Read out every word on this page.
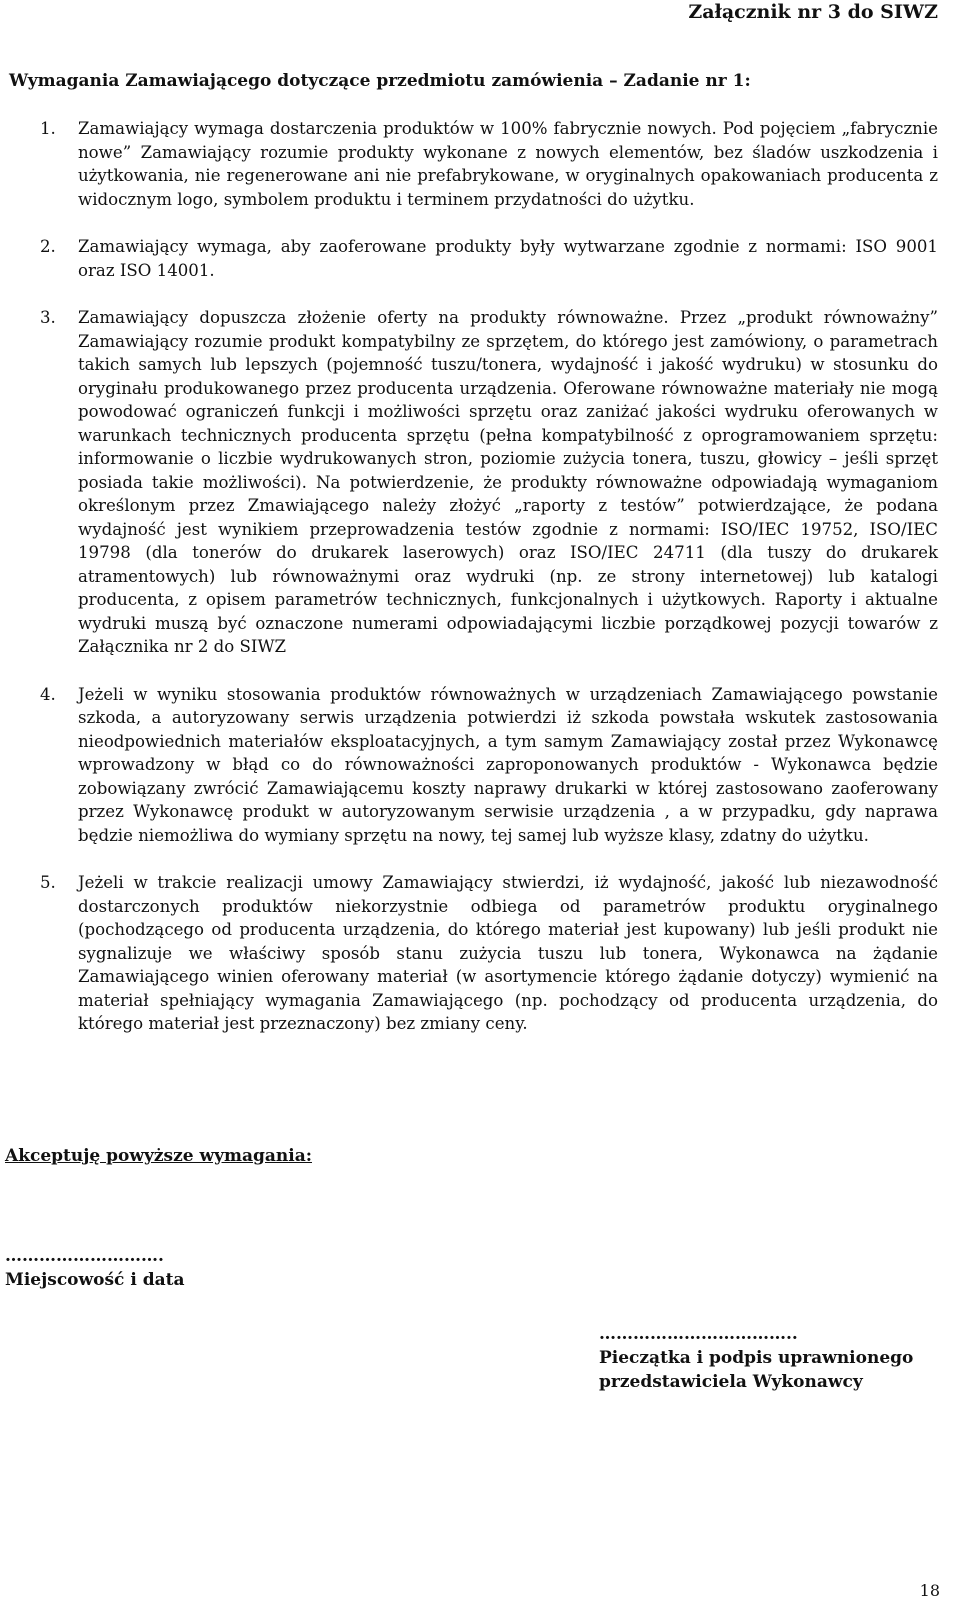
Załącznik nr 3 do SIWZ

Wymagania Zamawiającego dotyczące przedmiotu zamówienia – Zadanie nr 1:

1. Zamawiający wymaga dostarczenia produktów w 100% fabrycznie nowych. Pod pojęciem „fabrycznie nowe” Zamawiający rozumie produkty wykonane z nowych elementów, bez śladów uszkodzenia i użytkowania, nie regenerowane ani nie prefabrykowane, w oryginalnych opakowaniach producenta z widocznym logo, symbolem produktu i terminem przydatności do użytku.
2. Zamawiający wymaga, aby zaoferowane produkty były wytwarzane zgodnie z normami: ISO 9001 oraz ISO 14001.
3. Zamawiający dopuszcza złożenie oferty na produkty równoważne. Przez „produkt równoważny” Zamawiający rozumie produkt kompatybilny ze sprzętem, do którego jest zamówiony, o parametrach takich samych lub lepszych (pojemność tuszu/tonera, wydajność i jakość wydruku) w stosunku do oryginału produkowanego przez producenta urządzenia. Oferowane równoważne materiały nie mogą powodować ograniczeń funkcji i możliwości sprzętu oraz zaniżać jakości wydruku oferowanych w warunkach technicznych producenta sprzętu (pełna kompatybilność z oprogramowaniem sprzętu: informowanie o liczbie wydrukowanych stron, poziomie zużycia tonera, tuszu, głowicy – jeśli sprzęt posiada takie możliwości). Na potwierdzenie, że produkty równoważne odpowiadają wymaganiom określonym przez Zmawiającego należy złożyć „raporty z testów” potwierdzające, że podana wydajność jest wynikiem przeprowadzenia testów zgodnie z normami: ISO/IEC 19752, ISO/IEC 19798 (dla tonerów do drukarek laserowych) oraz ISO/IEC 24711 (dla tuszy do drukarek atramentowych) lub równoważnymi oraz wydruki (np. ze strony internetowej) lub katalogi producenta, z opisem parametrów technicznych, funkcjonalnych i użytkowych. Raporty i aktualne wydruki muszą być oznaczone numerami odpowiadającymi liczbie porządkowej pozycji towarów z Załącznika nr 2 do SIWZ
4. Jeżeli w wyniku stosowania produktów równoważnych w urządzeniach Zamawiającego powstanie szkoda, a autoryzowany serwis urządzenia potwierdzi iż szkoda powstała wskutek zastosowania nieodpowiednich materiałów eksploatacyjnych, a tym samym Zamawiający został przez Wykonawcę wprowadzony w błąd co do równoważności zaproponowanych produktów - Wykonawca będzie zobowiązany zwrócić Zamawiającemu koszty naprawy drukarki w której zastosowano zaoferowany przez Wykonawcę produkt w autoryzowanym serwisie urządzenia , a w przypadku, gdy naprawa będzie niemożliwa do wymiany sprzętu na nowy, tej samej lub wyższe klasy, zdatny do użytku.
5. Jeżeli w trakcie realizacji umowy Zamawiający stwierdzi, iż wydajność, jakość lub niezawodność dostarczonych produktów niekorzystnie odbiega od parametrów produktu oryginalnego (pochodzącego od producenta urządzenia, do którego materiał jest kupowany) lub jeśli produkt nie sygnalizuje we właściwy sposób stanu zużycia tuszu lub tonera, Wykonawca na żądanie Zamawiającego winien oferowany materiał (w asortymencie którego żądanie dotyczy) wymienić na materiał spełniający wymagania Zamawiającego (np. pochodzący od producenta urządzenia, do którego materiał jest przeznaczony) bez zmiany ceny.

Akceptuję powyższe wymagania:

……………………….
Miejscowość i data
……………………………..
Pieczątka i podpis uprawnionego
przedstawiciela Wykonawcy
18
